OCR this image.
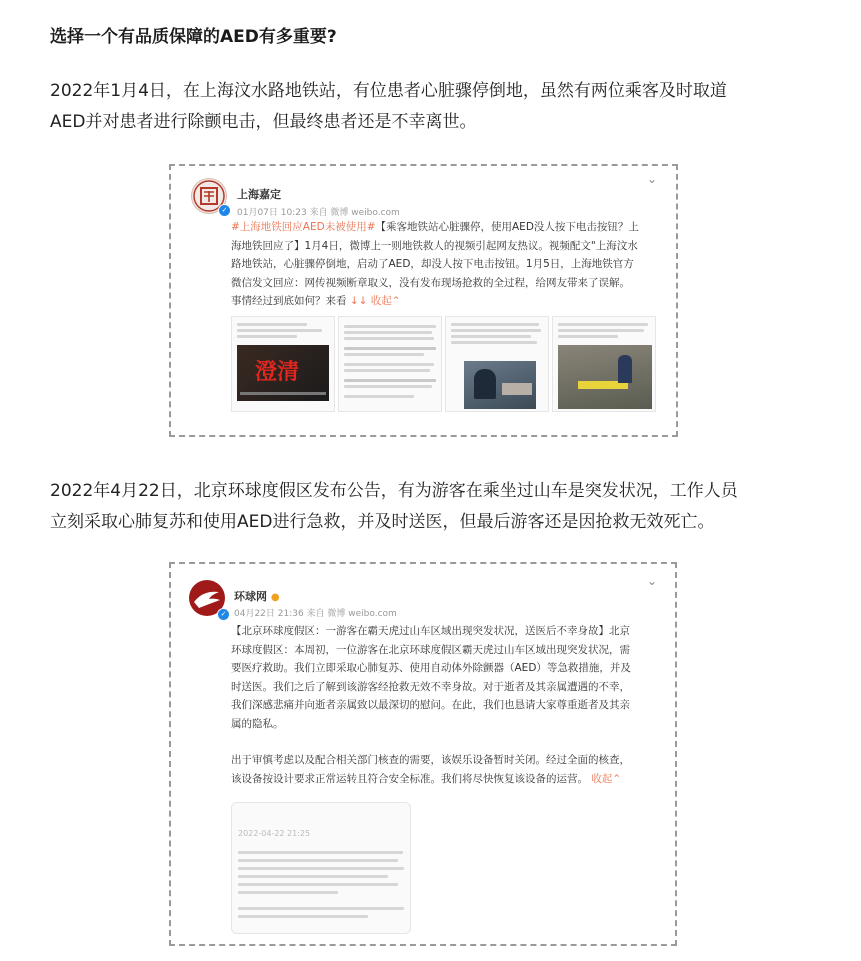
选择一个有品质保障的AED有多重要?
2022年1月4日，在上海汶水路地铁站，有位患者心脏骤停倒地，虽然有两位乘客及时取道
AED并对患者进行除颤电击，但最终患者还是不幸离世。
✓
上海嘉定
01月07日 10:23 来自 微博 weibo.com
⌄
#上海地铁回应AED未被使用#【乘客地铁站心脏骤停，使用AED没人按下电击按钮？上
海地铁回应了】1月4日，微博上一则地铁救人的视频引起网友热议。视频配文"上海汶水
路地铁站，心脏骤停倒地，启动了AED，却没人按下电击按钮。1月5日，上海地铁官方
微信发文回应：网传视频断章取义，没有发布现场抢救的全过程，给网友带来了误解。
事情经过到底如何？来看 ↓↓ 收起⌃
澄清
2022年4月22日，北京环球度假区发布公告，有为游客在乘坐过山车是突发状况，工作人员
立刻采取心肺复苏和使用AED进行急救，并及时送医，但最后游客还是因抢救无效死亡。
✓
环球网 ●
04月22日 21:36 来自 微博 weibo.com
⌄
【北京环球度假区：一游客在霸天虎过山车区域出现突发状况，送医后不幸身故】北京
环球度假区：本周初，一位游客在北京环球度假区霸天虎过山车区域出现突发状况，需
要医疗救助。我们立即采取心肺复苏、使用自动体外除颤器（AED）等急救措施，并及
时送医。我们之后了解到该游客经抢救无效不幸身故。对于逝者及其亲属遭遇的不幸，
我们深感悲痛并向逝者亲属致以最深切的慰问。在此，我们也恳请大家尊重逝者及其亲
属的隐私。
出于审慎考虑以及配合相关部门核查的需要，该娱乐设备暂时关闭。经过全面的核查，
该设备按设计要求正常运转且符合安全标准。我们将尽快恢复该设备的运营。 收起⌃
2022-04-22 21:25
